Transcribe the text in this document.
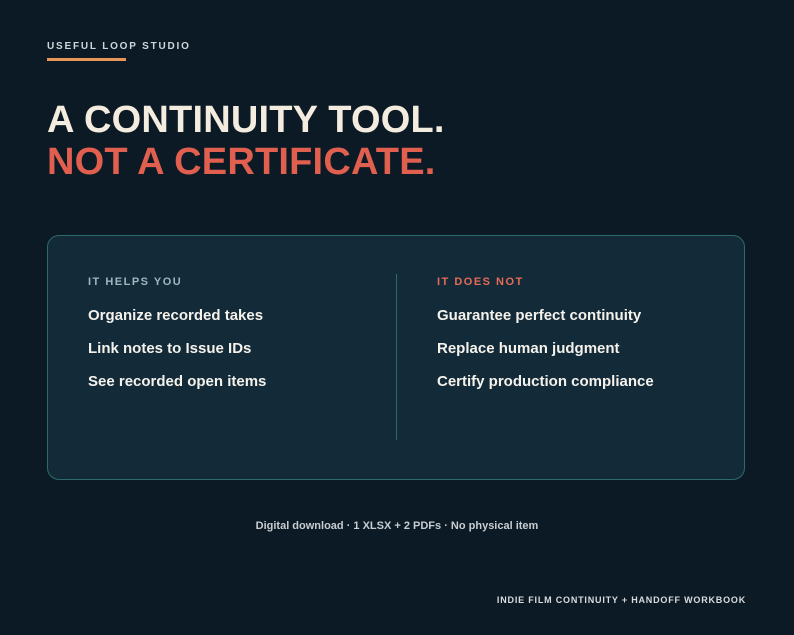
USEFUL LOOP STUDIO
A CONTINUITY TOOL.
NOT A CERTIFICATE.
IT HELPS YOU
Organize recorded takes
Link notes to Issue IDs
See recorded open items
IT DOES NOT
Guarantee perfect continuity
Replace human judgment
Certify production compliance
Digital download · 1 XLSX + 2 PDFs · No physical item
INDIE FILM CONTINUITY + HANDOFF WORKBOOK
